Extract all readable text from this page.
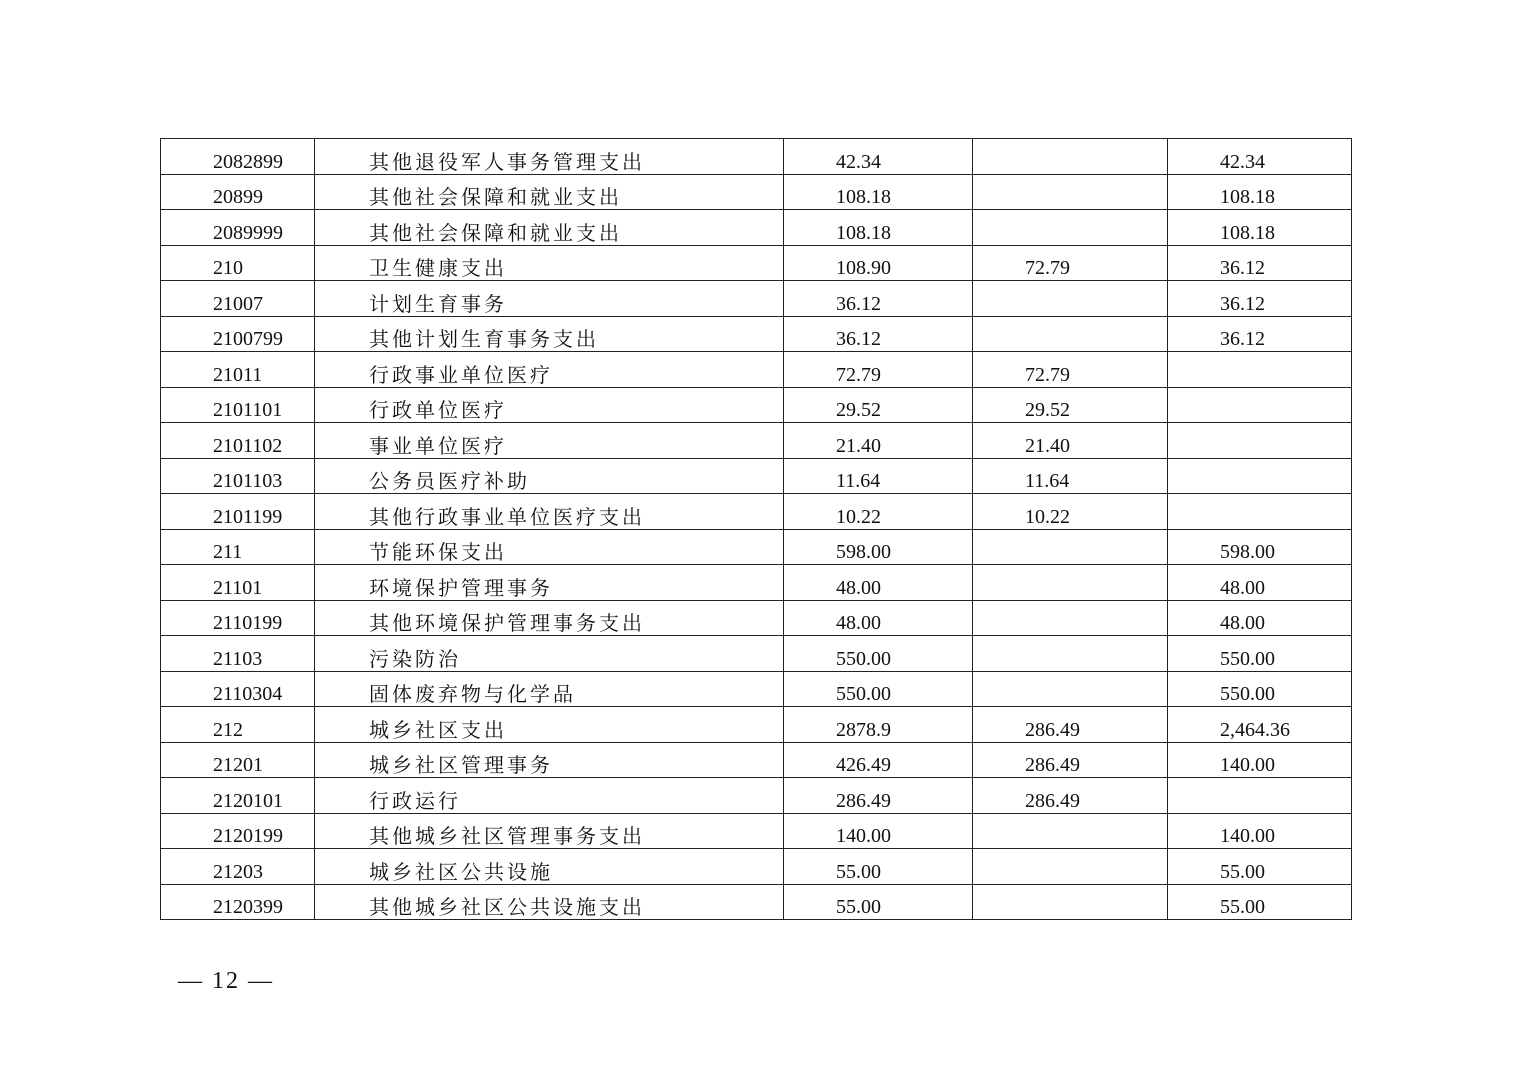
2082899	其他退役军人事务管理支出	42.34		42.34
20899	其他社会保障和就业支出	108.18		108.18
2089999	其他社会保障和就业支出	108.18		108.18
210	卫生健康支出	108.90	72.79	36.12
21007	计划生育事务	36.12		36.12
2100799	其他计划生育事务支出	36.12		36.12
21011	行政事业单位医疗	72.79	72.79	
2101101	行政单位医疗	29.52	29.52	
2101102	事业单位医疗	21.40	21.40	
2101103	公务员医疗补助	11.64	11.64	
2101199	其他行政事业单位医疗支出	10.22	10.22	
211	节能环保支出	598.00		598.00
21101	环境保护管理事务	48.00		48.00
2110199	其他环境保护管理事务支出	48.00		48.00
21103	污染防治	550.00		550.00
2110304	固体废弃物与化学品	550.00		550.00
212	城乡社区支出	2878.9	286.49	2,464.36
21201	城乡社区管理事务	426.49	286.49	140.00
2120101	行政运行	286.49	286.49	
2120199	其他城乡社区管理事务支出	140.00		140.00
21203	城乡社区公共设施	55.00		55.00
2120399	其他城乡社区公共设施支出	55.00		55.00
— 12 —
